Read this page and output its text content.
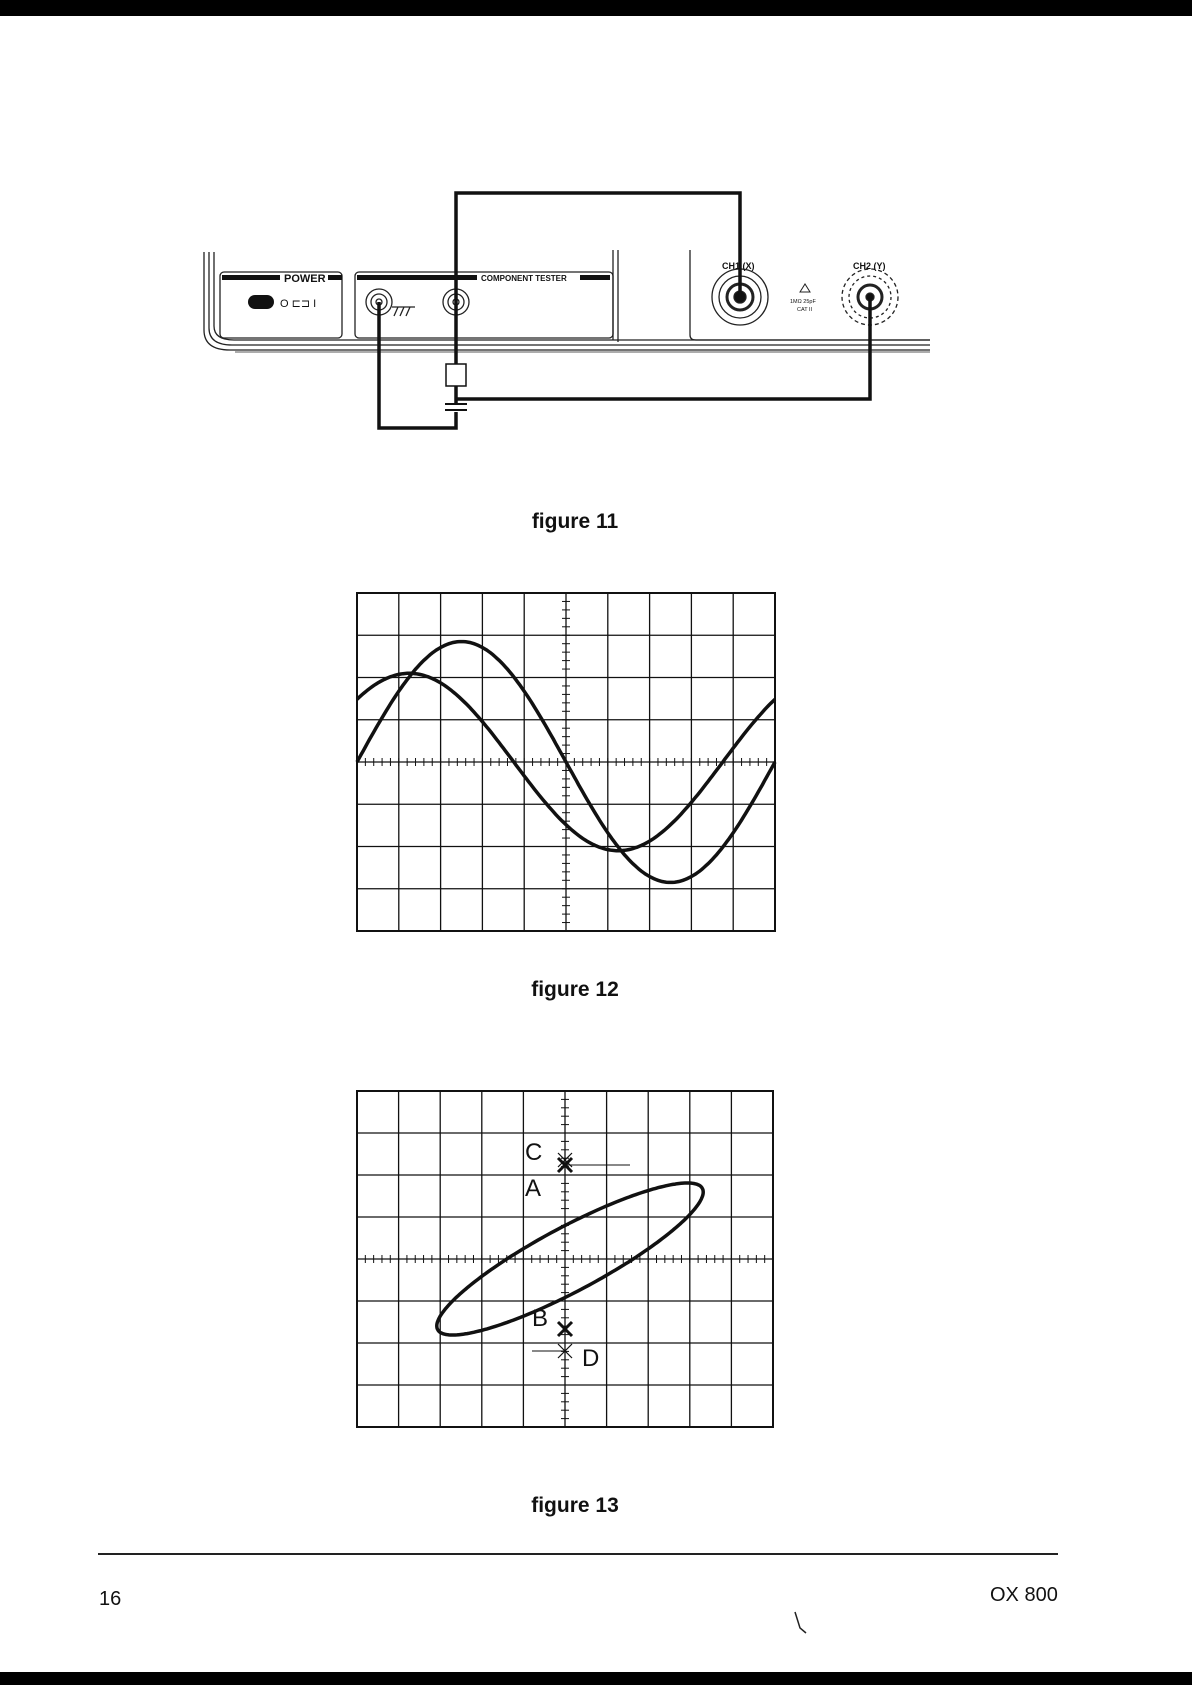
POWER	COMPONENT TESTER
O ⊏⊐ I
CH1 (X)	CH2 (Y)
1MΩ 25pF
CAT II
figure 11
figure 12
C
A
B
D
figure 13
16	OX 800
